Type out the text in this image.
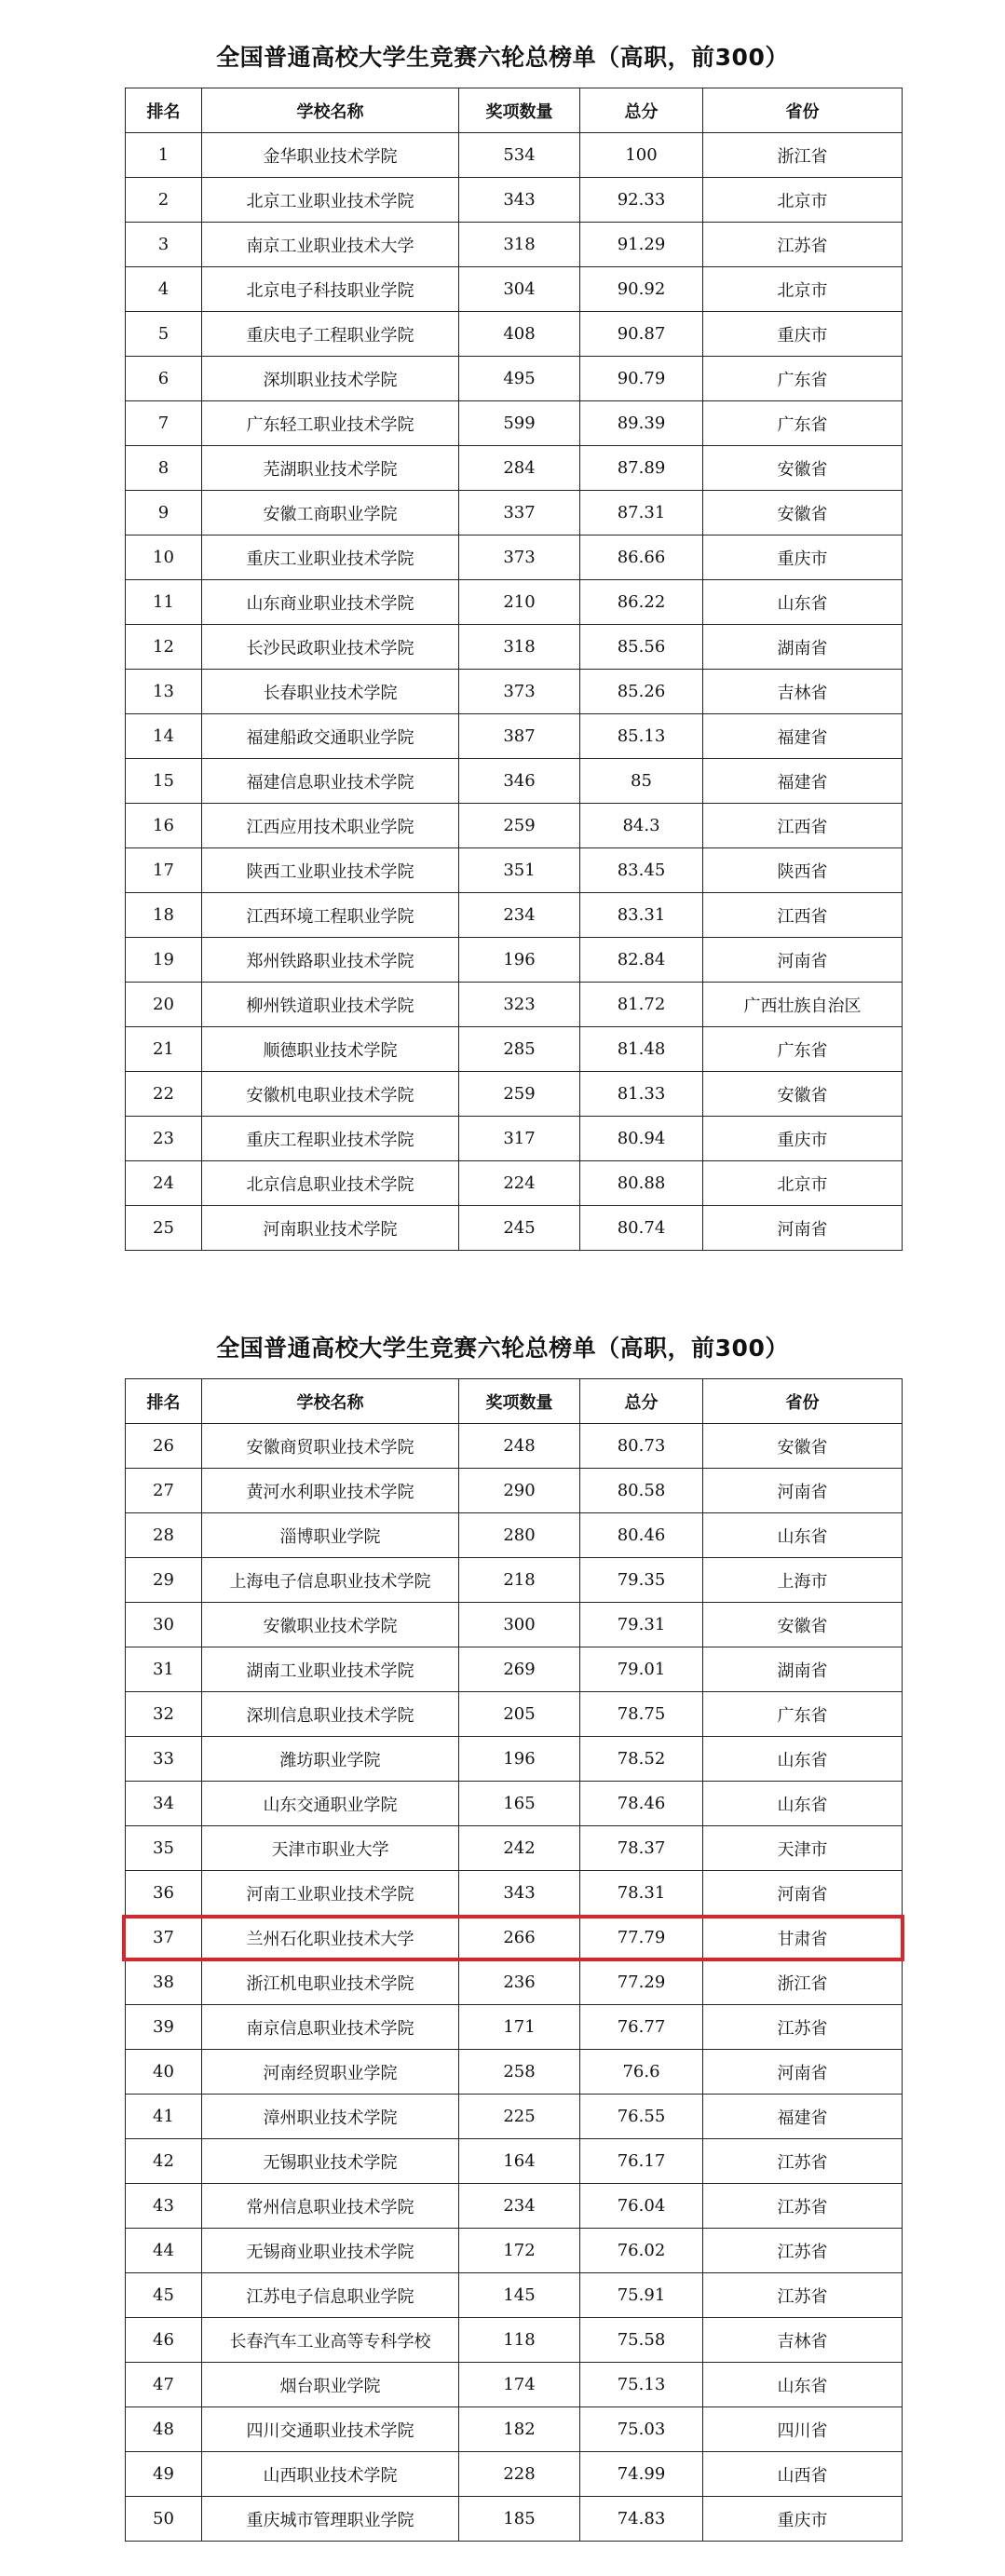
全国普通高校大学生竞赛六轮总榜单（高职，前300）
排名	学校名称	奖项数量	总分	省份
1	金华职业技术学院	534	100	浙江省
2	北京工业职业技术学院	343	92.33	北京市
3	南京工业职业技术大学	318	91.29	江苏省
4	北京电子科技职业学院	304	90.92	北京市
5	重庆电子工程职业学院	408	90.87	重庆市
6	深圳职业技术学院	495	90.79	广东省
7	广东轻工职业技术学院	599	89.39	广东省
8	芜湖职业技术学院	284	87.89	安徽省
9	安徽工商职业学院	337	87.31	安徽省
10	重庆工业职业技术学院	373	86.66	重庆市
11	山东商业职业技术学院	210	86.22	山东省
12	长沙民政职业技术学院	318	85.56	湖南省
13	长春职业技术学院	373	85.26	吉林省
14	福建船政交通职业学院	387	85.13	福建省
15	福建信息职业技术学院	346	85	福建省
16	江西应用技术职业学院	259	84.3	江西省
17	陕西工业职业技术学院	351	83.45	陕西省
18	江西环境工程职业学院	234	83.31	江西省
19	郑州铁路职业技术学院	196	82.84	河南省
20	柳州铁道职业技术学院	323	81.72	广西壮族自治区
21	顺德职业技术学院	285	81.48	广东省
22	安徽机电职业技术学院	259	81.33	安徽省
23	重庆工程职业技术学院	317	80.94	重庆市
24	北京信息职业技术学院	224	80.88	北京市
25	河南职业技术学院	245	80.74	河南省
全国普通高校大学生竞赛六轮总榜单（高职，前300）
排名	学校名称	奖项数量	总分	省份
26	安徽商贸职业技术学院	248	80.73	安徽省
27	黄河水利职业技术学院	290	80.58	河南省
28	淄博职业学院	280	80.46	山东省
29	上海电子信息职业技术学院	218	79.35	上海市
30	安徽职业技术学院	300	79.31	安徽省
31	湖南工业职业技术学院	269	79.01	湖南省
32	深圳信息职业技术学院	205	78.75	广东省
33	潍坊职业学院	196	78.52	山东省
34	山东交通职业学院	165	78.46	山东省
35	天津市职业大学	242	78.37	天津市
36	河南工业职业技术学院	343	78.31	河南省
37	兰州石化职业技术大学	266	77.79	甘肃省
38	浙江机电职业技术学院	236	77.29	浙江省
39	南京信息职业技术学院	171	76.77	江苏省
40	河南经贸职业学院	258	76.6	河南省
41	漳州职业技术学院	225	76.55	福建省
42	无锡职业技术学院	164	76.17	江苏省
43	常州信息职业技术学院	234	76.04	江苏省
44	无锡商业职业技术学院	172	76.02	江苏省
45	江苏电子信息职业学院	145	75.91	江苏省
46	长春汽车工业高等专科学校	118	75.58	吉林省
47	烟台职业学院	174	75.13	山东省
48	四川交通职业技术学院	182	75.03	四川省
49	山西职业技术学院	228	74.99	山西省
50	重庆城市管理职业学院	185	74.83	重庆市
